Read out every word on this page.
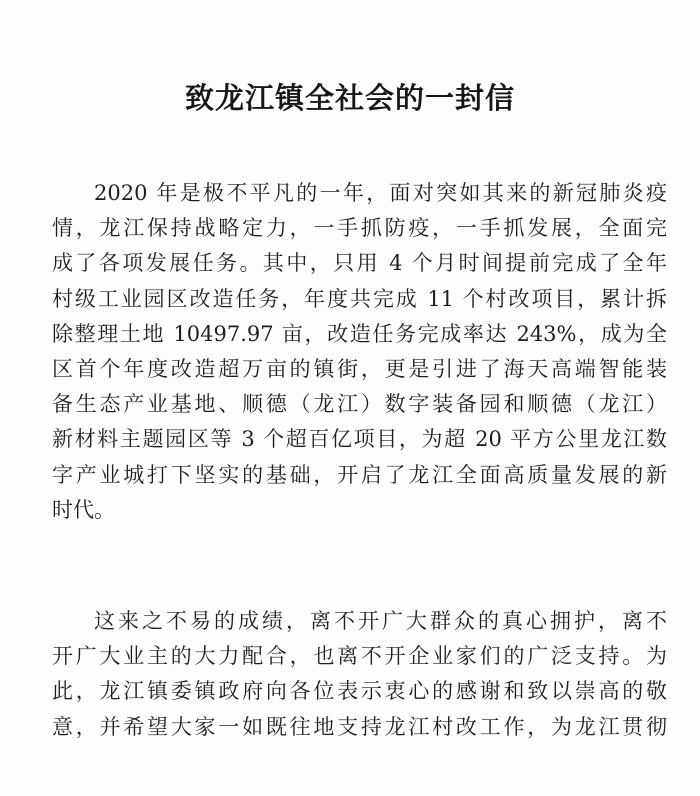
致龙江镇全社会的一封信
2020 年是极不平凡的一年，面对突如其来的新冠肺炎疫
情，龙江保持战略定力，一手抓防疫，一手抓发展，全面完
成了各项发展任务。其中，只用 4 个月时间提前完成了全年
村级工业园区改造任务，年度共完成 11 个村改项目，累计拆
除整理土地 10497.97 亩，改造任务完成率达 243%，成为全
区首个年度改造超万亩的镇街，更是引进了海天高端智能装
备生态产业基地、顺德（龙江）数字装备园和顺德（龙江）
新材料主题园区等 3 个超百亿项目，为超 20 平方公里龙江数
字产业城打下坚实的基础，开启了龙江全面高质量发展的新
时代。
这来之不易的成绩，离不开广大群众的真心拥护，离不
开广大业主的大力配合，也离不开企业家们的广泛支持。为
此，龙江镇委镇政府向各位表示衷心的感谢和致以崇高的敬
意，并希望大家一如既往地支持龙江村改工作，为龙江贯彻
